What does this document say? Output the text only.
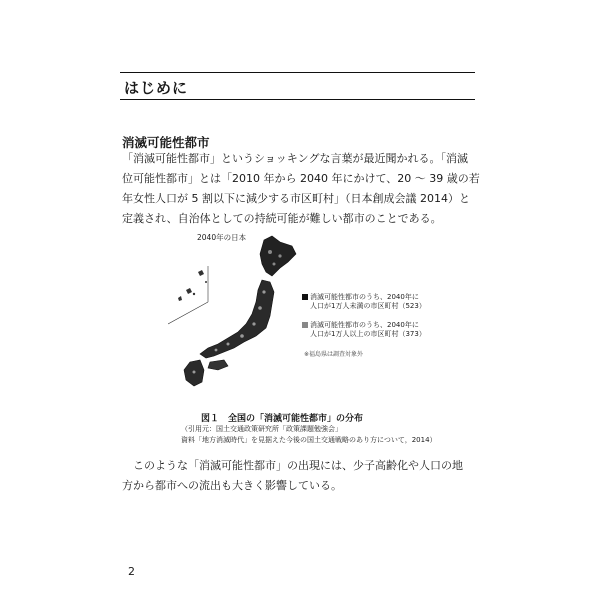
はじめに
消滅可能性都市
「消滅可能性都市」というショッキングな言葉が最近聞かれる。「消滅
位可能性都市」とは「2010 年から 2040 年にかけて、20 ～ 39 歳の若
年女性人口が 5 割以下に減少する市区町村」（日本創成会議 2014）と
定義され、自治体としての持続可能が難しい都市のことである。
2040年の日本
消滅可能性都市のうち、2040年に
人口が1万人未満の市区町村（523）
消滅可能性都市のうち、2040年に
人口が1万人以上の市区町村（373）
※福島県は調査対象外
図１　全国の「消滅可能性都市」の分布
（引用元：国土交通政策研究所「政策課題勉強会」
資料「地方消滅時代」を見据えた今後の国土交通戦略のあり方について，2014）
　このような「消滅可能性都市」の出現には、少子高齢化や人口の地
方から都市への流出も大きく影響している。
2
